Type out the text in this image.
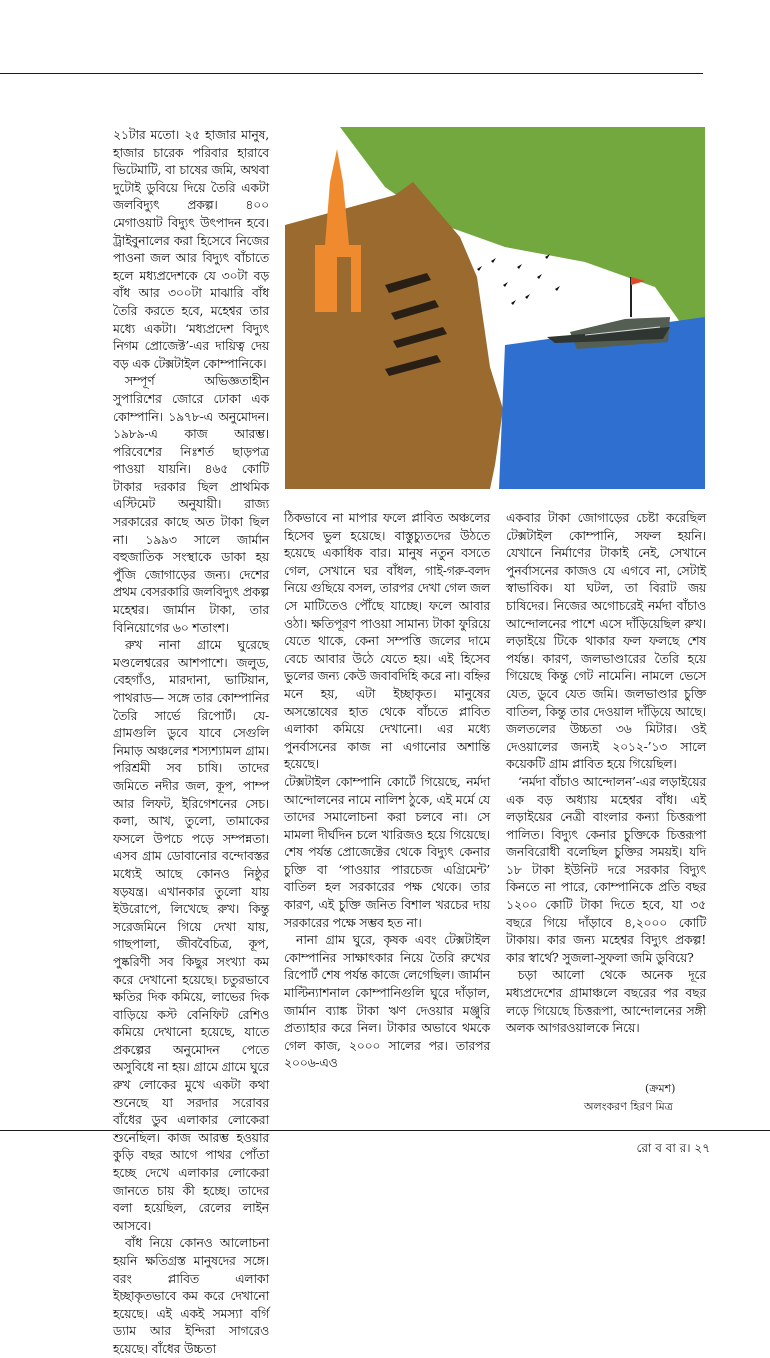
২১টার মতো। ২৫ হাজার মানুষ, হাজার চারেক পরিবার হারাবে ভিটেমাটি, বা চাষের জমি, অথবা দুটোই ডুবিয়ে দিয়ে তৈরি একটা জলবিদ্যুৎ প্রকল্প। ৪০০ মেগাওয়াট বিদ্যুৎ উৎপাদন হবে। ট্রাইবুনালের করা হিসেবে নিজের পাওনা জল আর বিদ্যুৎ বাঁচাতে হলে মধ্যপ্রদেশকে যে ৩০টা বড় বাঁধ আর ৩০০টা মাঝারি বাঁধ তৈরি করতে হবে, মহেশ্বর তার মধ্যে একটা। ‘মধ্যপ্রদেশ বিদ্যুৎ নিগম প্রোজেক্ট’-এর দায়িত্ব দেয় বড় এক টেক্সটাইল কোম্পানিকে।

সম্পূর্ণ অভিজ্ঞতাহীন সুপারিশের জোরে ঢোকা এক কোম্পানি। ১৯৭৮-এ অনুমোদন। ১৯৮৯-এ কাজ আরম্ভ। পরিবেশের নিঃশর্ত ছাড়পত্র পাওয়া যায়নি। ৪৬৫ কোটি টাকার দরকার ছিল প্রাথমিক এস্টিমেট অনুযায়ী। রাজ্য সরকারের কাছে অত টাকা ছিল না। ১৯৯৩ সালে জার্মান বহুজাতিক সংস্থাকে ডাকা হয় পুঁজি জোগাড়ের জন্য। দেশের প্রথম বেসরকারি জলবিদ্যুৎ প্রকল্প মহেশ্বর। জার্মান টাকা, তার বিনিয়োগের ৬০ শতাংশ।

রুখ নানা গ্রামে ঘুরেছে মণ্ডলেশ্বরের আশপাশে। জলুড, বেহগাঁও, মারদানা, ভাটিয়ান, পাথরাড— সঙ্গে তার কোম্পানির তৈরি সার্ভে রিপোর্ট। যে-গ্রামগুলি ডুবে যাবে সেগুলি নিমাড় অঞ্চলের শস্যশ্যামল গ্রাম। পরিশ্রমী সব চাষি। তাদের জমিতে নদীর জল, কূপ, পাম্প আর লিফট, ইরিগেশনের সেচ। কলা, আখ, তুলো, তামাকের ফসলে উপচে পড়ে সম্পন্নতা। এসব গ্রাম ডোবানোর বন্দোবস্তর মধ্যেই আছে কোনও নিষ্ঠুর ষড়যন্ত্র। এখানকার তুলো যায় ইউরোপে, লিখেছে রুখ। কিন্তু সরেজমিনে গিয়ে দেখা যায়, গাছপালা, জীববৈচিত্র, কূপ, পুষ্করিণী সব কিছুর সংখ্যা কম করে দেখানো হয়েছে। চতুরভাবে ক্ষতির দিক কমিয়ে, লাভের দিক বাড়িয়ে কস্ট বেনিফিট রেশিও কমিয়ে দেখানো হয়েছে, যাতে প্রকল্পের অনুমোদন পেতে অসুবিধে না হয়। গ্রামে গ্রামে ঘুরে রুখ লোকের মুখে একটা কথা শুনেছে যা সরদার সরোবর বাঁধের ডুব এলাকার লোকেরা শুনেছিল। কাজ আরম্ভ হওয়ার কুড়ি বছর আগে পাথর পোঁতা হচ্ছে দেখে এলাকার লোকেরা জানতে চায় কী হচ্ছে। তাদের বলা হয়েছিল, রেলের লাইন আসবে।

বাঁধ নিয়ে কোনও আলোচনা হয়নি ক্ষতিগ্রস্ত মানুষদের সঙ্গে। বরং প্লাবিত এলাকা ইচ্ছাকৃতভাবে কম করে দেখানো হয়েছে। এই একই সমস্যা বর্গি ড্যাম আর ইন্দিরা সাগরেও হয়েছে। বাঁধের উচ্চতা

ঠিকভাবে না মাপার ফলে প্লাবিত অঞ্চলের হিসেব ভুল হয়েছে। বাস্তুচ্যুতদের উঠতে হয়েছে একাধিক বার। মানুষ নতুন বসতে গেল, সেখানে ঘর বাঁধল, গাই-গরু-বলদ নিয়ে গুছিয়ে বসল, তারপর দেখা গেল জল সে মাটিতেও পৌঁছে যাচ্ছে। ফলে আবার ওঠা। ক্ষতিপূরণ পাওয়া সামান্য টাকা ফুরিয়ে যেতে থাকে, কেনা সম্পত্তি জলের দামে বেচে আবার উঠে যেতে হয়। এই হিসেব ভুলের জন্য কেউ জবাবদিহি করে না। বহ্নির মনে হয়, এটা ইচ্ছাকৃত। মানুষের অসন্তোষের হাত থেকে বাঁচতে প্লাবিত এলাকা কমিয়ে দেখানো। এর মধ্যে পুনর্বাসনের কাজ না এগানোর অশান্তি হয়েছে।

টেক্সটাইল কোম্পানি কোর্টে গিয়েছে, নর্মদা আন্দোলনের নামে নালিশ ঠুকে, এই মর্মে যে তাদের সমালোচনা করা চলবে না। সে মামলা দীর্ঘদিন চলে খারিজও হয়ে গিয়েছে। শেষ পর্যন্ত প্রোজেক্টের থেকে বিদ্যুৎ কেনার চুক্তি বা ‘পাওয়ার পারচেজ এগ্রিমেন্ট’ বাতিল হল সরকারের পক্ষ থেকে। তার কারণ, এই চুক্তি জনিত বিশাল খরচের দায় সরকারের পক্ষে সম্ভব হত না।

নানা গ্রাম ঘুরে, কৃষক এবং টেক্সটাইল কোম্পানির সাক্ষাৎকার নিয়ে তৈরি রুখের রিপোর্ট শেষ পর্যন্ত কাজে লেগেছিল। জার্মান মাল্টিন্যাশনাল কোম্পানিগুলি ঘুরে দাঁড়াল, জার্মান ব্যাঙ্ক টাকা ঋণ দেওয়ার মঞ্জুরি প্রত্যাহার করে নিল। টাকার অভাবে থমকে গেল কাজ, ২০০০ সালের পর। তারপর ২০০৬-এও

একবার টাকা জোগাড়ের চেষ্টা করেছিল টেক্সটাইল কোম্পানি, সফল হয়নি। যেখানে নির্মাণের টাকাই নেই, সেখানে পুনর্বাসনের কাজও যে এগবে না, সেটাই স্বাভাবিক। যা ঘটল, তা বিরাট জয় চাষিদের। নিজের অগোচরেই নর্মদা বাঁচাও আন্দোলনের পাশে এসে দাঁড়িয়েছিল রুখ। লড়াইয়ে টিকে থাকার ফল ফলছে শেষ পর্যন্ত। কারণ, জলভাণ্ডারের তৈরি হয়ে গিয়েছে কিন্তু গেট নামেনি। নামলে ভেসে যেত, ডুবে যেত জমি। জলভাণ্ডার চুক্তি বাতিল, কিন্তু তার দেওয়াল দাঁড়িয়ে আছে। জলতলের উচ্চতা ৩৬ মিটার। ওই দেওয়ালের জন্যই ২০১২-’১৩ সালে কয়েকটি গ্রাম প্লাবিত হয়ে গিয়েছিল।

‘নর্মদা বাঁচাও আন্দোলন’-এর লড়াইয়ের এক বড় অধ্যায় মহেশ্বর বাঁধ। এই লড়াইয়ের নেত্রী বাংলার কন্যা চিত্তরূপা পালিত। বিদ্যুৎ কেনার চুক্তিকে চিত্তরূপা জনবিরোধী বলেছিল চুক্তির সময়ই। যদি ১৮ টাকা ইউনিট দরে সরকার বিদ্যুৎ কিনতে না পারে, কোম্পানিকে প্রতি বছর ১২০০ কোটি টাকা দিতে হবে, যা ৩৫ বছরে গিয়ে দাঁড়াবে ৪,২০০০ কোটি টাকায়। কার জন্য মহেশ্বর বিদ্যুৎ প্রকল্প! কার স্বার্থে? সুজলা-সুফলা জমি ডুবিয়ে?

চড়া আলো থেকে অনেক দূরে মধ্যপ্রদেশের গ্রামাঞ্চলে বছরের পর বছর লড়ে গিয়েছে চিত্তরূপা, আন্দোলনের সঙ্গী অলক আগরওয়ালকে নিয়ে।

(ক্রমশ)
অলংকরণ হিরণ মিত্র
রো ব বা র। ২৭
